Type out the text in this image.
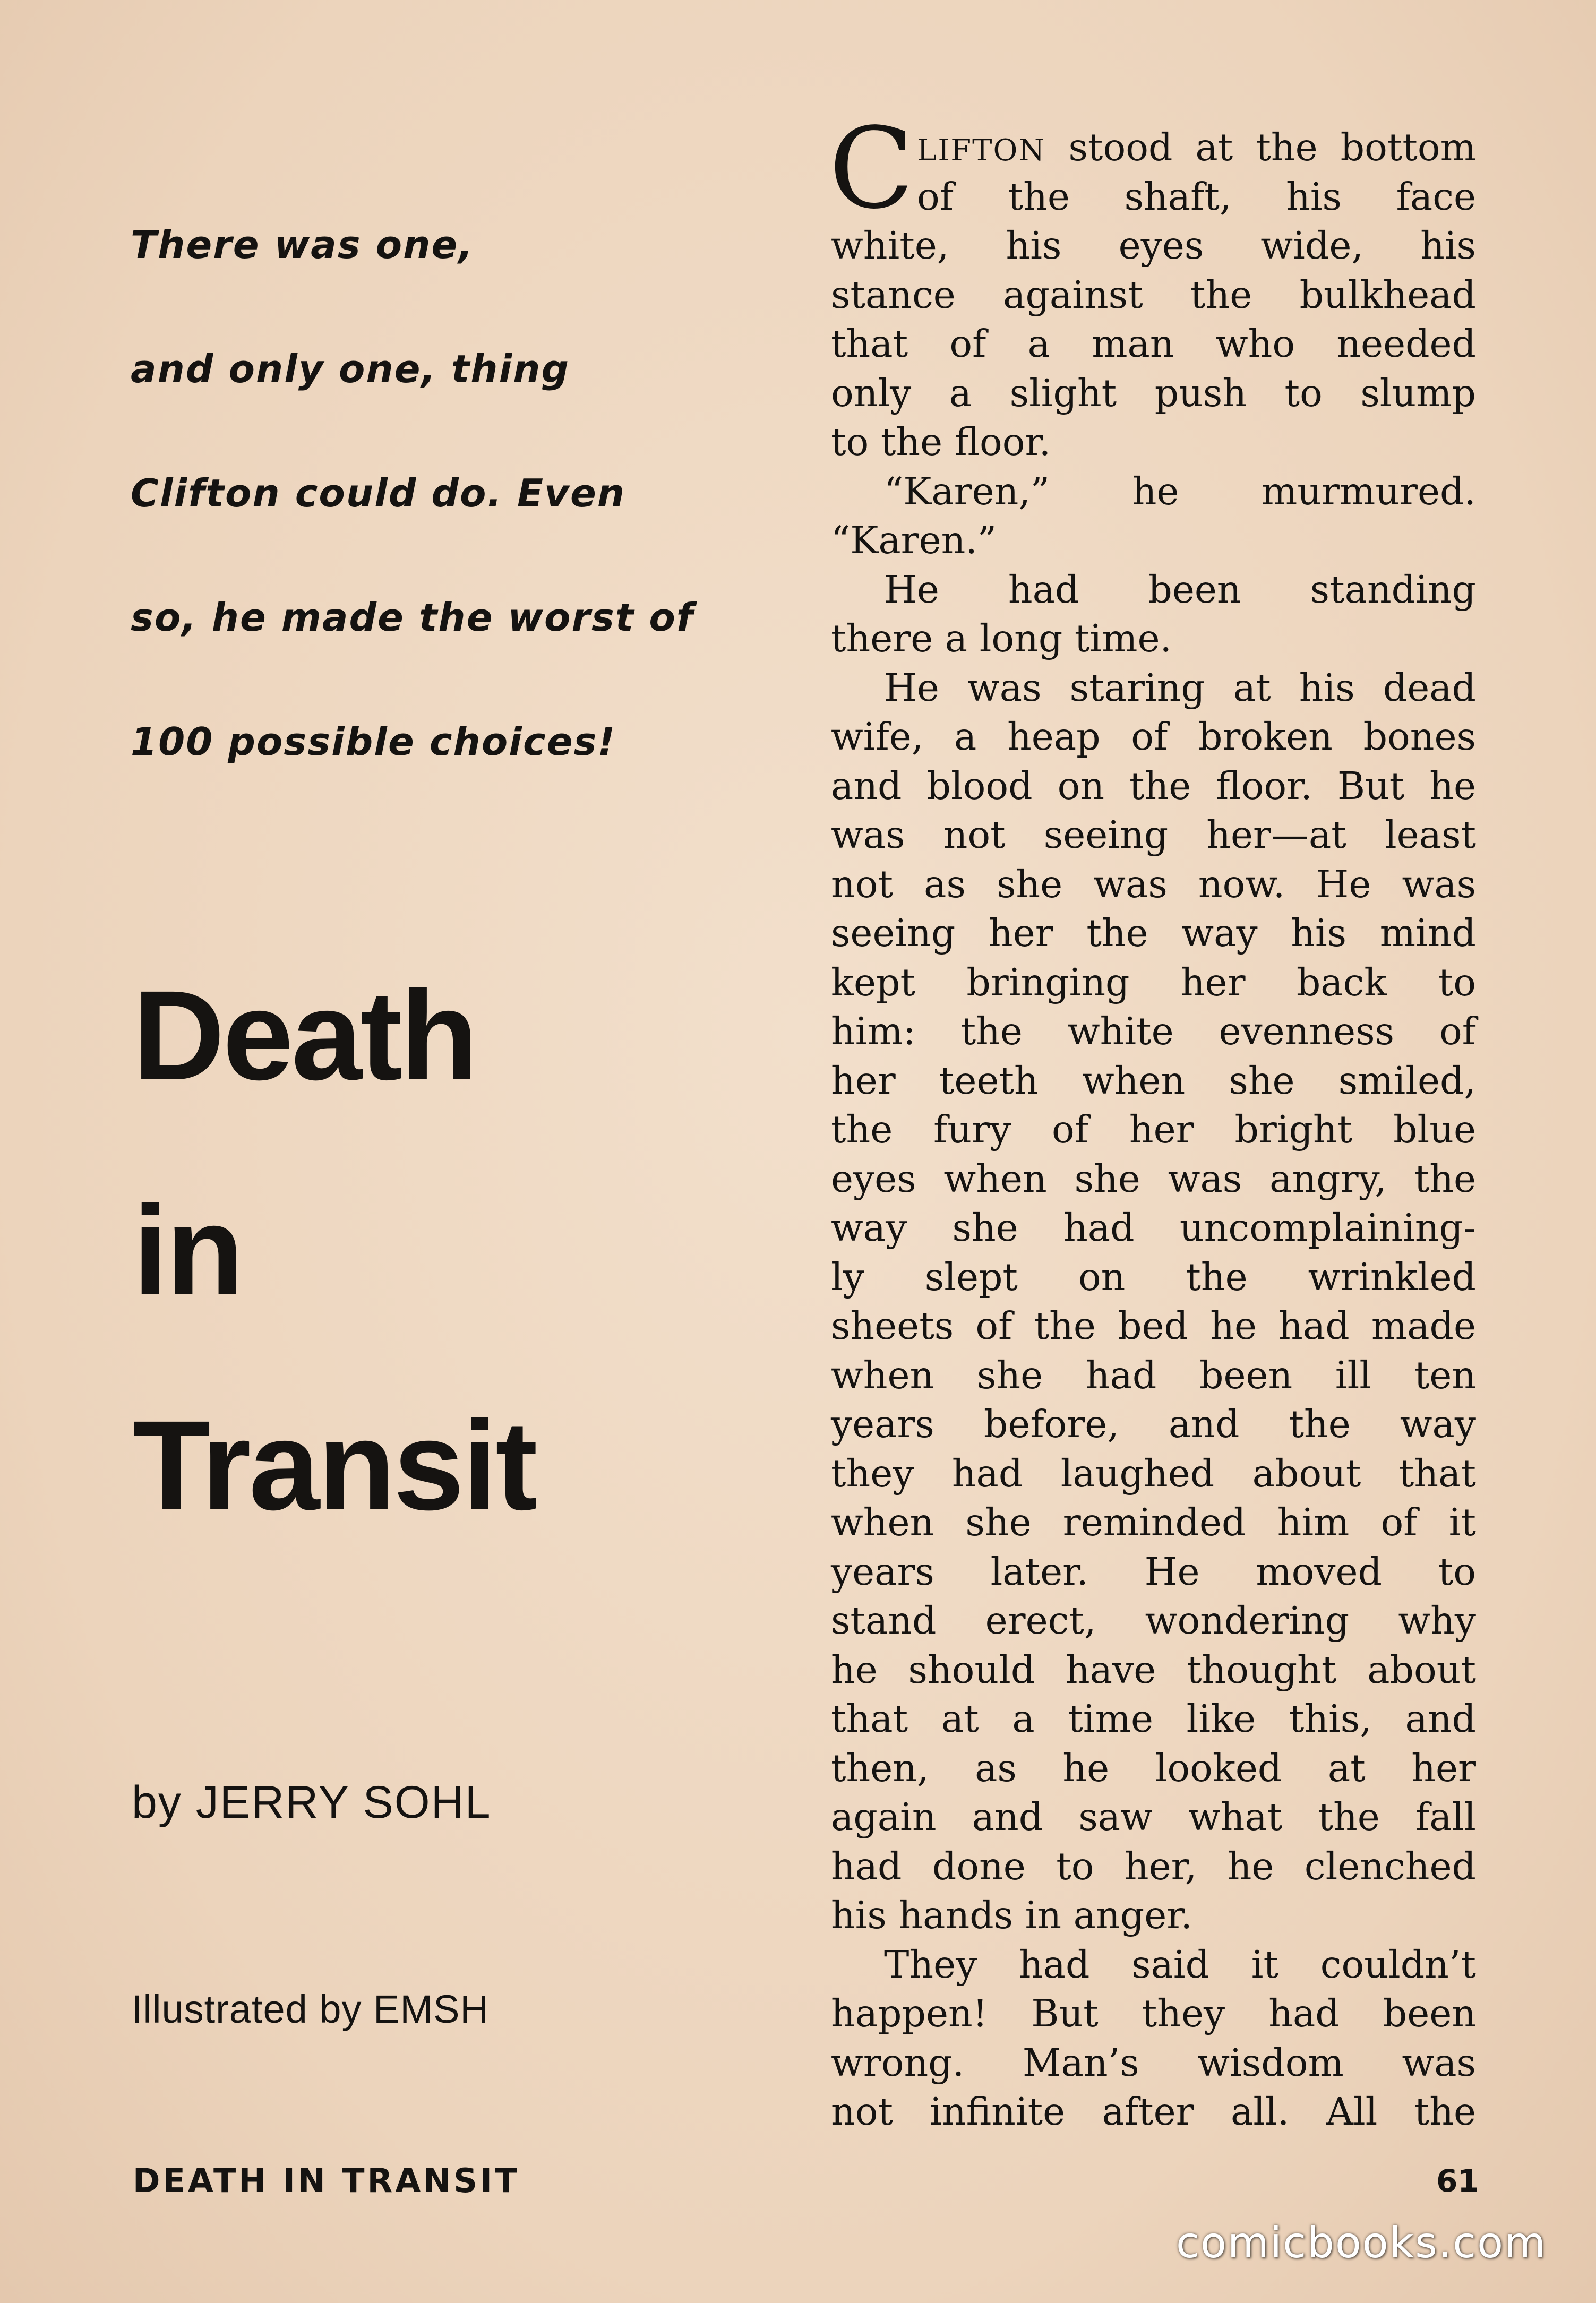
There was one,
and only one, thing
Clifton could do. Even
so, he made the worst of
100 possible choices!
Death
in
Transit
by JERRY SOHL
Illustrated by EMSH
C LIFTON stood at the bottom
of the shaft, his face
white, his eyes wide, his
stance against the bulkhead
that of a man who needed
only a slight push to slump
to the floor.
“Karen,” he murmured.
“Karen.”
He had been standing
there a long time.
He was staring at his dead
wife, a heap of broken bones
and blood on the floor. But he
was not seeing her—at least
not as she was now. He was
seeing her the way his mind
kept bringing her back to
him: the white evenness of
her teeth when she smiled,
the fury of her bright blue
eyes when she was angry, the
way she had uncomplaining-
ly slept on the wrinkled
sheets of the bed he had made
when she had been ill ten
years before, and the way
they had laughed about that
when she reminded him of it
years later. He moved to
stand erect, wondering why
he should have thought about
that at a time like this, and
then, as he looked at her
again and saw what the fall
had done to her, he clenched
his hands in anger.
They had said it couldn’t
happen! But they had been
wrong. Man’s wisdom was
not infinite after all. All the
DEATH IN TRANSIT	61
comicbooks.com
